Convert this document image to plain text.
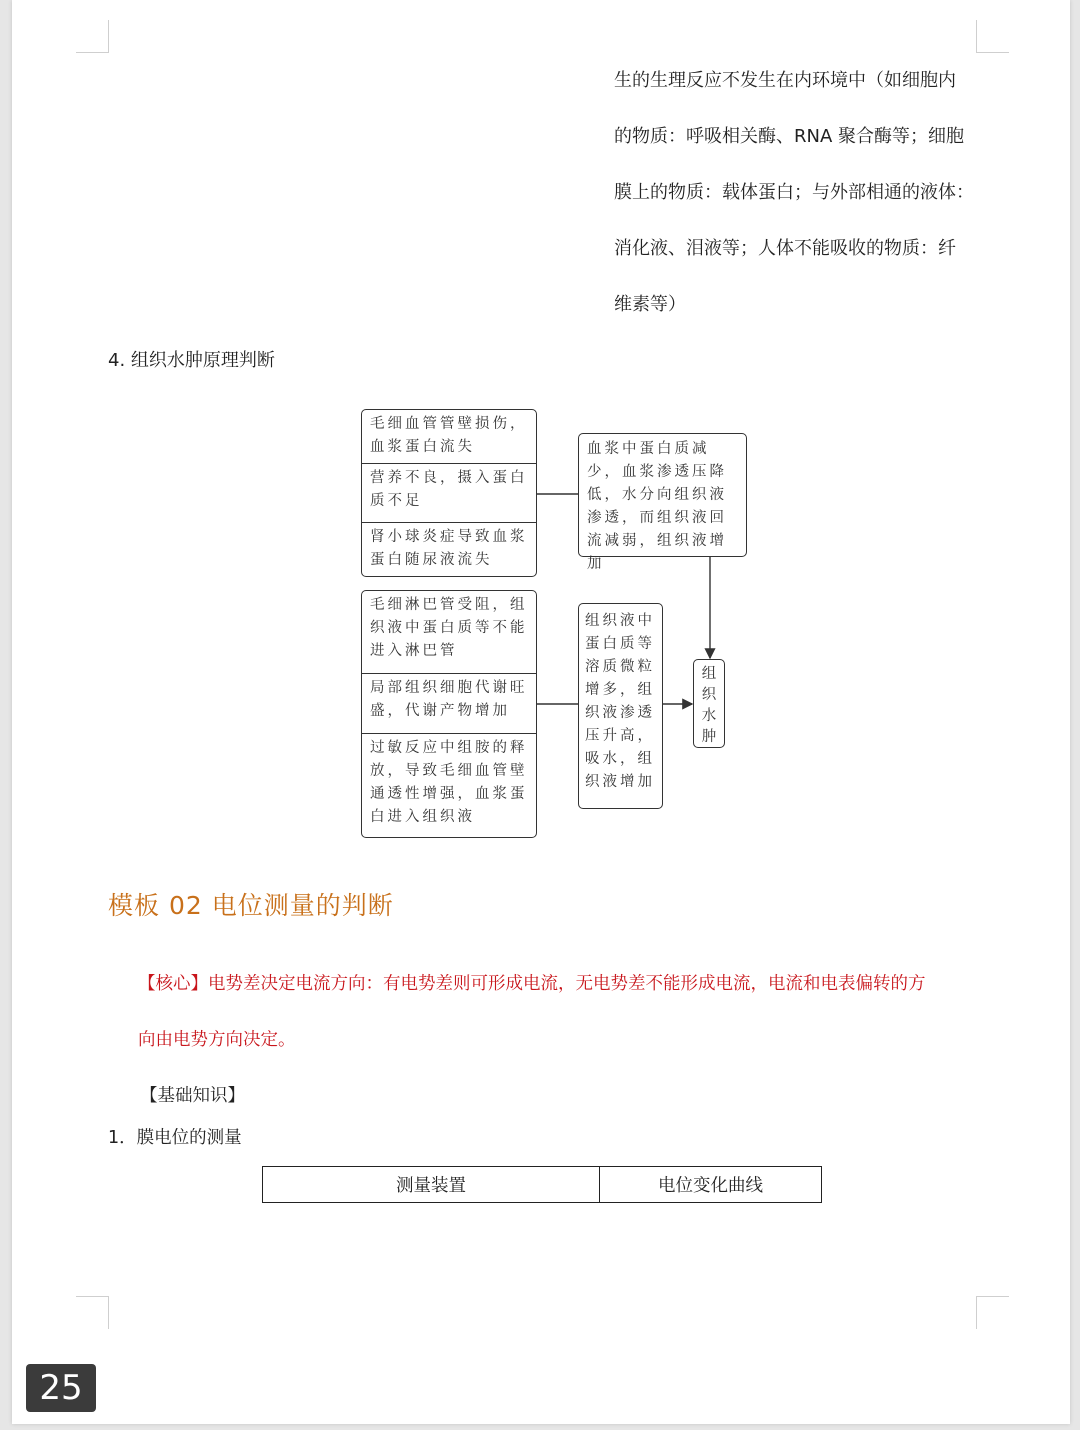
生的生理反应不发生在内环境中（如细胞内
的物质：呼吸相关酶、RNA 聚合酶等；细胞
膜上的物质：载体蛋白；与外部相通的液体：
消化液、泪液等；人体不能吸收的物质：纤
维素等）
4. 组织水肿原理判断
毛细血管管壁损伤，血浆蛋白流失
营养不良，摄入蛋白质不足
肾小球炎症导致血浆蛋白随尿液流失
血浆中蛋白质减少，血浆渗透压降低，水分向组织液渗透，而组织液回流减弱，组织液增加
毛细淋巴管受阻，组织液中蛋白质等不能进入淋巴管
局部组织细胞代谢旺盛，代谢产物增加
过敏反应中组胺的释放，导致毛细血管壁通透性增强，血浆蛋白进入组织液
组织液中蛋白质等溶质微粒增多，组织液渗透压升高，吸水，组织液增加
组织水肿
模板 02 电位测量的判断
【核心】电势差决定电流方向：有电势差则可形成电流，无电势差不能形成电流，电流和电表偏转的方
向由电势方向决定。
【基础知识】
1．膜电位的测量
测量装置	电位变化曲线
25
